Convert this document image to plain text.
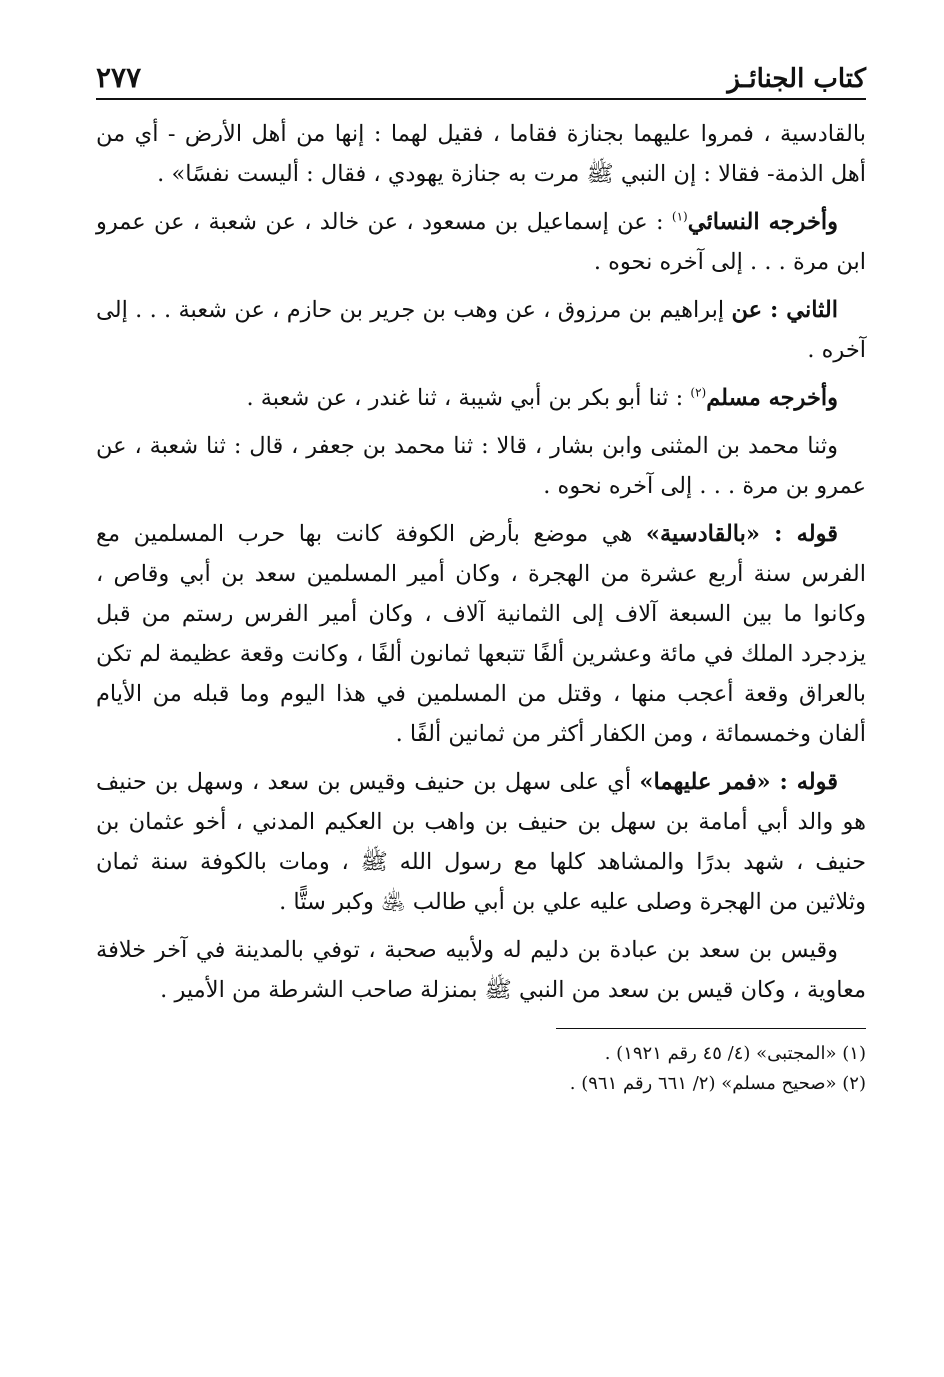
كتاب الجنائـز
٢٧٧

بالقادسية ، فمروا عليهما بجنازة فقاما ، فقيل لهما : إنها من أهل الأرض - أي من أهل الذمة- فقالا : إن النبي ﷺ مرت به جنازة يهودي ، فقال : أليست نفسًا» .

وأخرجه النسائي$^{(١)}$ : عن إسماعيل بن مسعود ، عن خالد ، عن شعبة ، عن عمرو ابن مرة . . . إلى آخره نحوه .

الثاني : عن إبراهيم بن مرزوق ، عن وهب بن جرير بن حازم ، عن شعبة . . . إلى آخره .

وأخرجه مسلم$^{(٢)}$ : ثنا أبو بكر بن أبي شيبة ، ثنا غندر ، عن شعبة .

وثنا محمد بن المثنى وابن بشار ، قالا : ثنا محمد بن جعفر ، قال : ثنا شعبة ، عن عمرو بن مرة . . . إلى آخره نحوه .

قوله : «بالقادسية» هي موضع بأرض الكوفة كانت بها حرب المسلمين مع الفرس سنة أربع عشرة من الهجرة ، وكان أمير المسلمين سعد بن أبي وقاص ، وكانوا ما بين السبعة آلاف إلى الثمانية آلاف ، وكان أمير الفرس رستم من قبل يزدجرد الملك في مائة وعشرين ألفًا تتبعها ثمانون ألفًا ، وكانت وقعة عظيمة لم تكن بالعراق وقعة أعجب منها ، وقتل من المسلمين في هذا اليوم وما قبله من الأيام ألفان وخمسمائة ، ومن الكفار أكثر من ثمانين ألفًا .

قوله : «فمر عليهما» أي على سهل بن حنيف وقيس بن سعد ، وسهل بن حنيف هو والد أبي أمامة بن سهل بن حنيف بن واهب بن العكيم المدني ، أخو عثمان بن حنيف ، شهد بدرًا والمشاهد كلها مع رسول الله ﷺ ، ومات بالكوفة سنة ثمان وثلاثين من الهجرة وصلى عليه علي بن أبي طالب ﵁ وكبر ستًّا .

وقيس بن سعد بن عبادة بن دليم له ولأبيه صحبة ، توفي بالمدينة في آخر خلافة معاوية ، وكان قيس بن سعد من النبي ﷺ بمنزلة صاحب الشرطة من الأمير .

(١) «المجتبى» (٤/ ٤٥ رقم ١٩٢١) .
(٢) «صحيح مسلم» (٢/ ٦٦١ رقم ٩٦١) .
